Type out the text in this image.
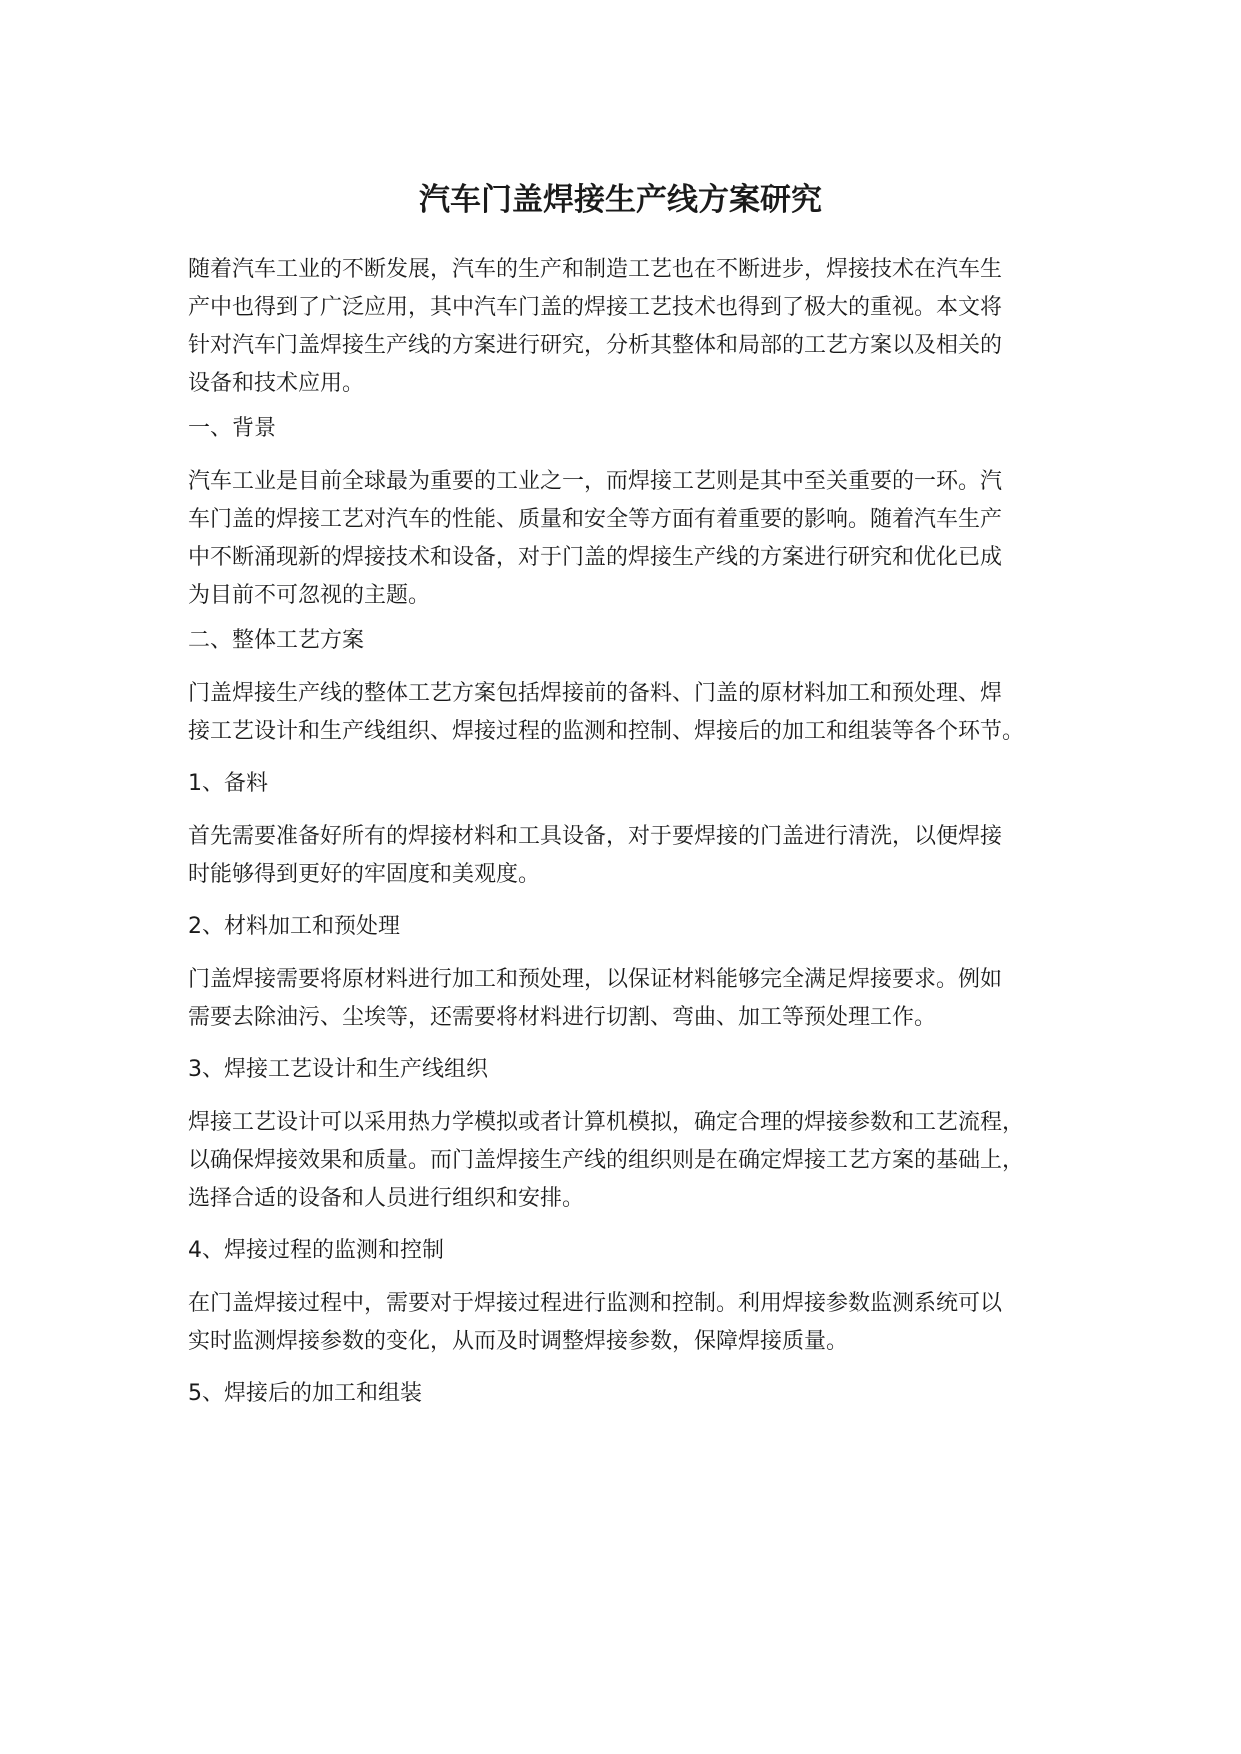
汽车门盖焊接生产线方案研究

随着汽车工业的不断发展，汽车的生产和制造工艺也在不断进步，焊接技术在汽车生
产中也得到了广泛应用，其中汽车门盖的焊接工艺技术也得到了极大的重视。本文将
针对汽车门盖焊接生产线的方案进行研究，分析其整体和局部的工艺方案以及相关的
设备和技术应用。

一、背景

汽车工业是目前全球最为重要的工业之一，而焊接工艺则是其中至关重要的一环。汽
车门盖的焊接工艺对汽车的性能、质量和安全等方面有着重要的影响。随着汽车生产
中不断涌现新的焊接技术和设备，对于门盖的焊接生产线的方案进行研究和优化已成
为目前不可忽视的主题。

二、整体工艺方案

门盖焊接生产线的整体工艺方案包括焊接前的备料、门盖的原材料加工和预处理、焊
接工艺设计和生产线组织、焊接过程的监测和控制、焊接后的加工和组装等各个环节。

1、备料

首先需要准备好所有的焊接材料和工具设备，对于要焊接的门盖进行清洗，以便焊接
时能够得到更好的牢固度和美观度。

2、材料加工和预处理

门盖焊接需要将原材料进行加工和预处理，以保证材料能够完全满足焊接要求。例如
需要去除油污、尘埃等，还需要将材料进行切割、弯曲、加工等预处理工作。

3、焊接工艺设计和生产线组织

焊接工艺设计可以采用热力学模拟或者计算机模拟，确定合理的焊接参数和工艺流程，
以确保焊接效果和质量。而门盖焊接生产线的组织则是在确定焊接工艺方案的基础上，
选择合适的设备和人员进行组织和安排。

4、焊接过程的监测和控制

在门盖焊接过程中，需要对于焊接过程进行监测和控制。利用焊接参数监测系统可以
实时监测焊接参数的变化，从而及时调整焊接参数，保障焊接质量。

5、焊接后的加工和组装
